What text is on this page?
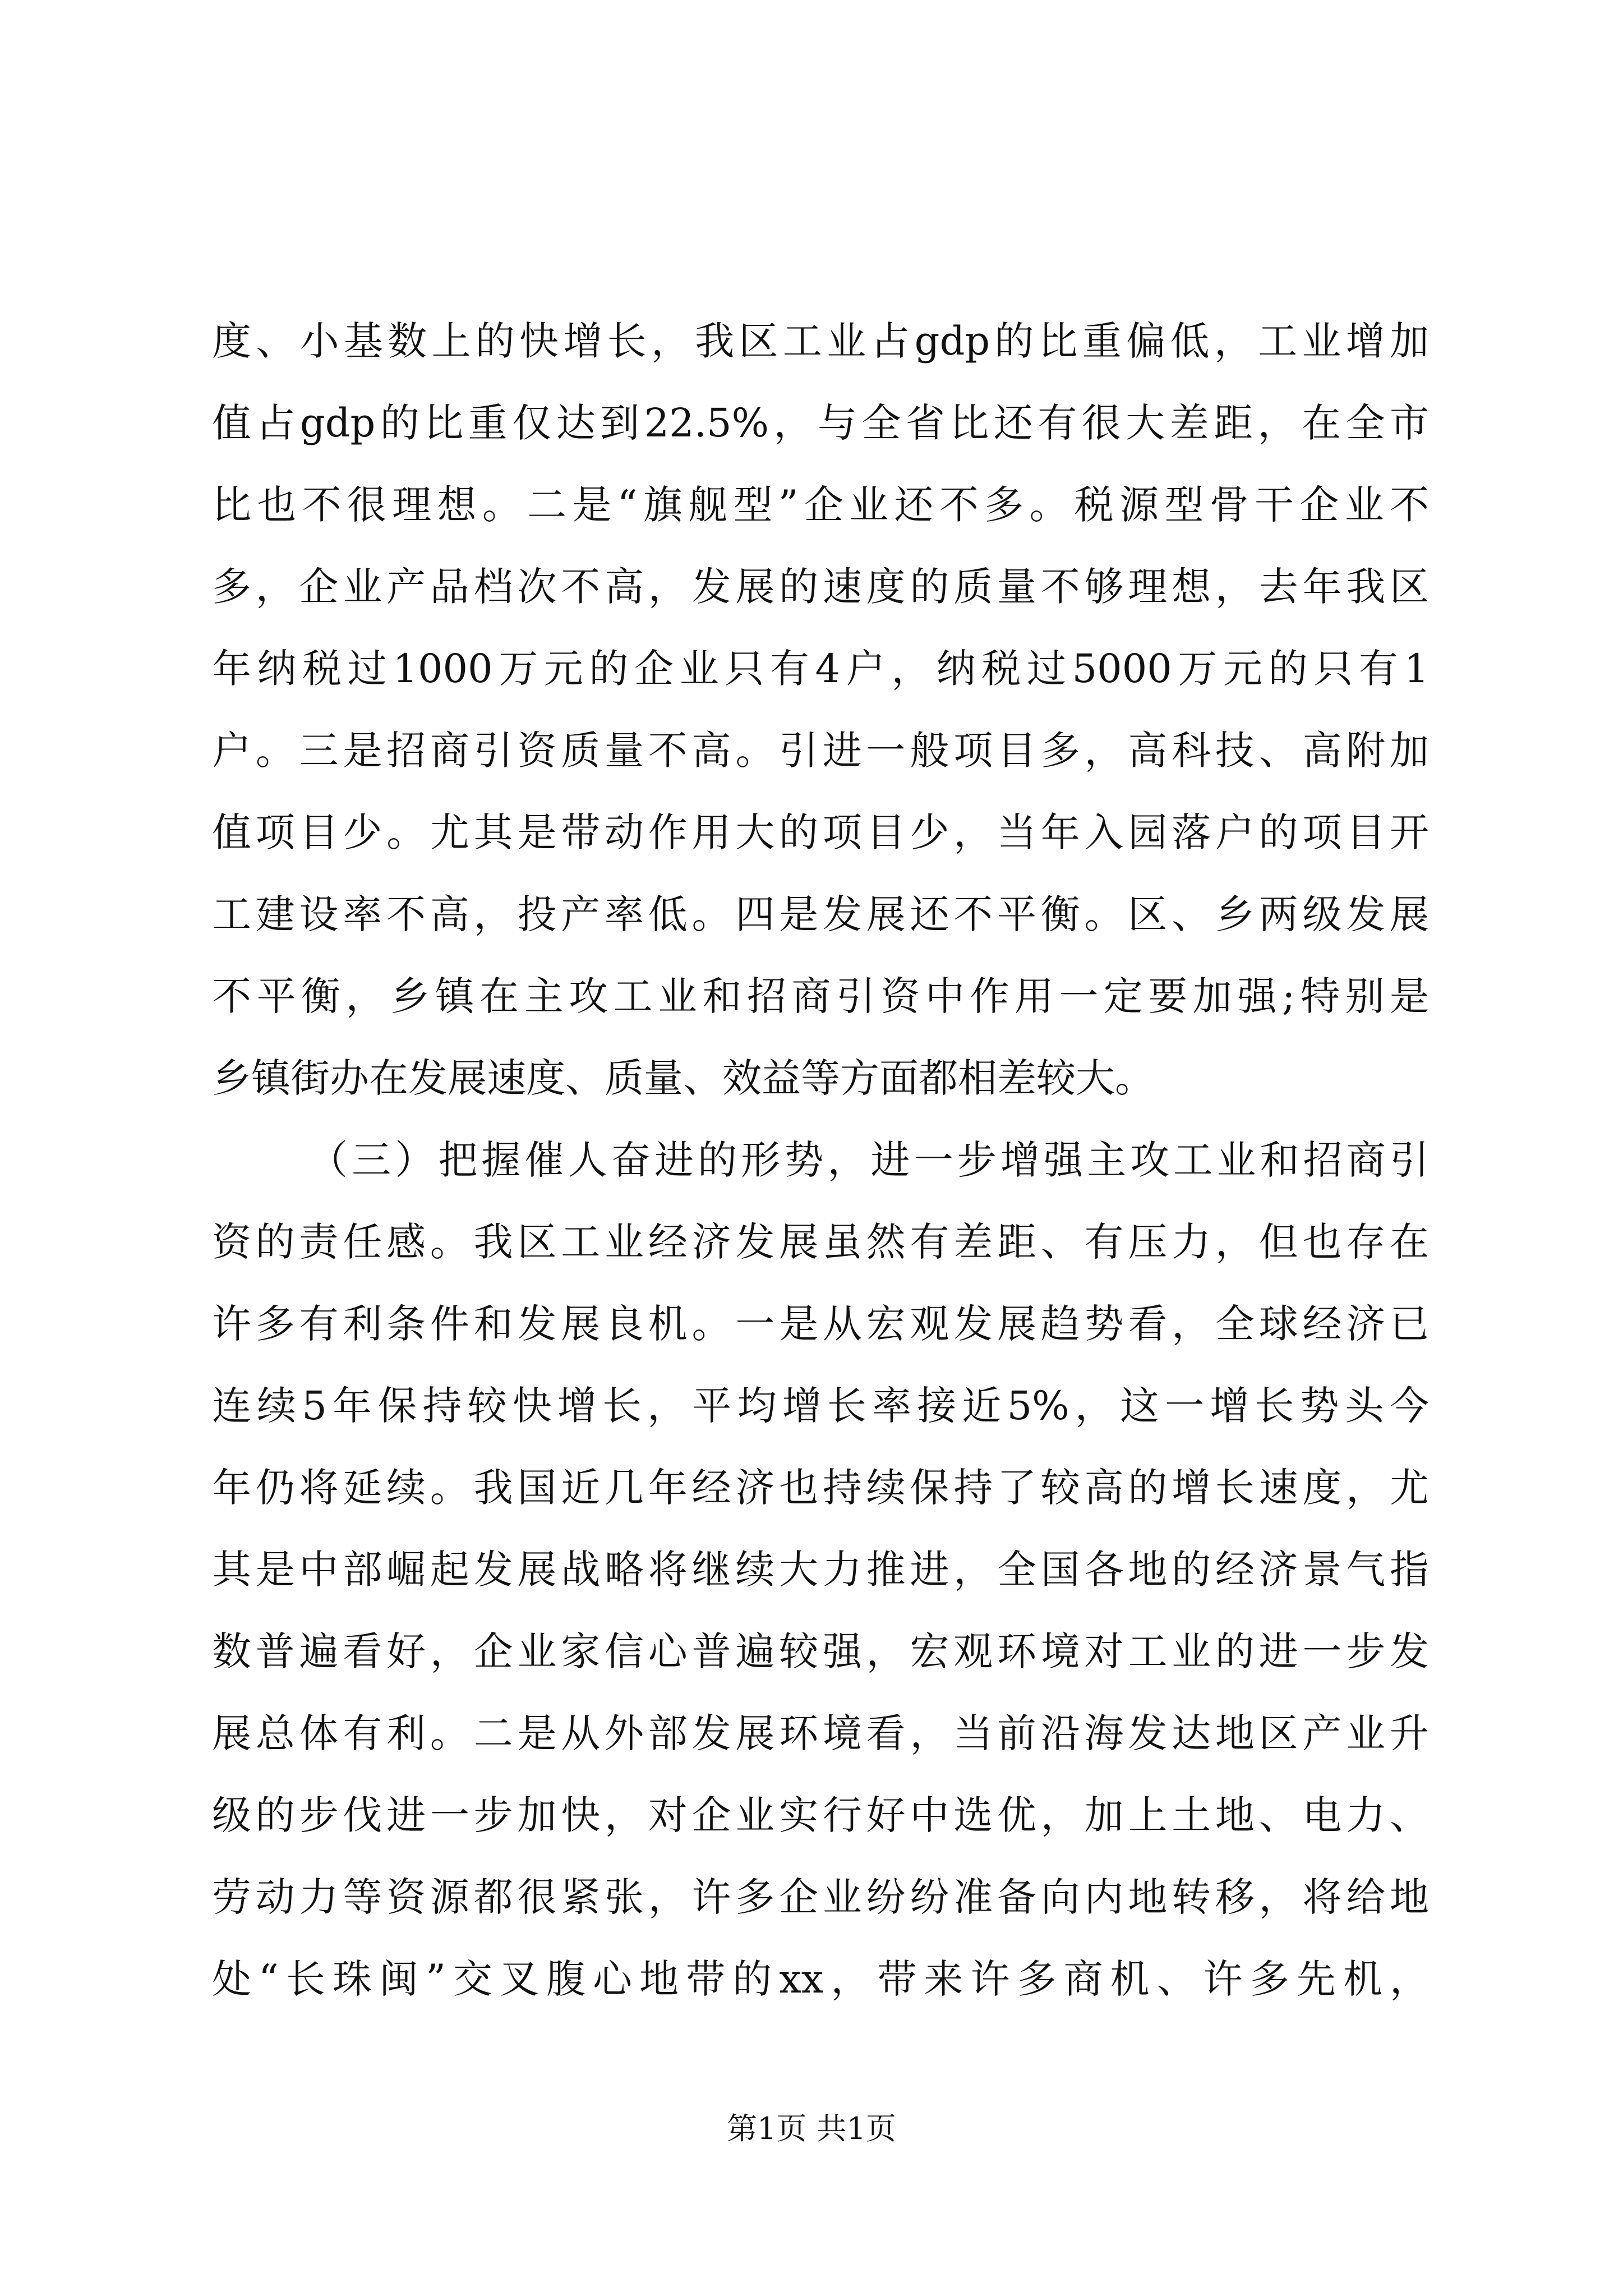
度、小基数上的快增长，我区工业占gdp的比重偏低，工业增加
值占gdp的比重仅达到22.5%，与全省比还有很大差距，在全市
比也不很理想。二是“旗舰型”企业还不多。税源型骨干企业不
多，企业产品档次不高，发展的速度的质量不够理想，去年我区
年纳税过1000万元的企业只有4户，纳税过5000万元的只有1
户。三是招商引资质量不高。引进一般项目多，高科技、高附加
值项目少。尤其是带动作用大的项目少，当年入园落户的项目开
工建设率不高，投产率低。四是发展还不平衡。区、乡两级发展
不平衡，乡镇在主攻工业和招商引资中作用一定要加强;特别是
乡镇街办在发展速度、质量、效益等方面都相差较大。
（三）把握催人奋进的形势，进一步增强主攻工业和招商引
资的责任感。我区工业经济发展虽然有差距、有压力，但也存在
许多有利条件和发展良机。一是从宏观发展趋势看，全球经济已
连续5年保持较快增长，平均增长率接近5%，这一增长势头今
年仍将延续。我国近几年经济也持续保持了较高的增长速度，尤
其是中部崛起发展战略将继续大力推进，全国各地的经济景气指
数普遍看好，企业家信心普遍较强，宏观环境对工业的进一步发
展总体有利。二是从外部发展环境看，当前沿海发达地区产业升
级的步伐进一步加快，对企业实行好中选优，加上土地、电力、
劳动力等资源都很紧张，许多企业纷纷准备向内地转移，将给地
处“长珠闽”交叉腹心地带的xx，带来许多商机、许多先机，
第1页 共1页
